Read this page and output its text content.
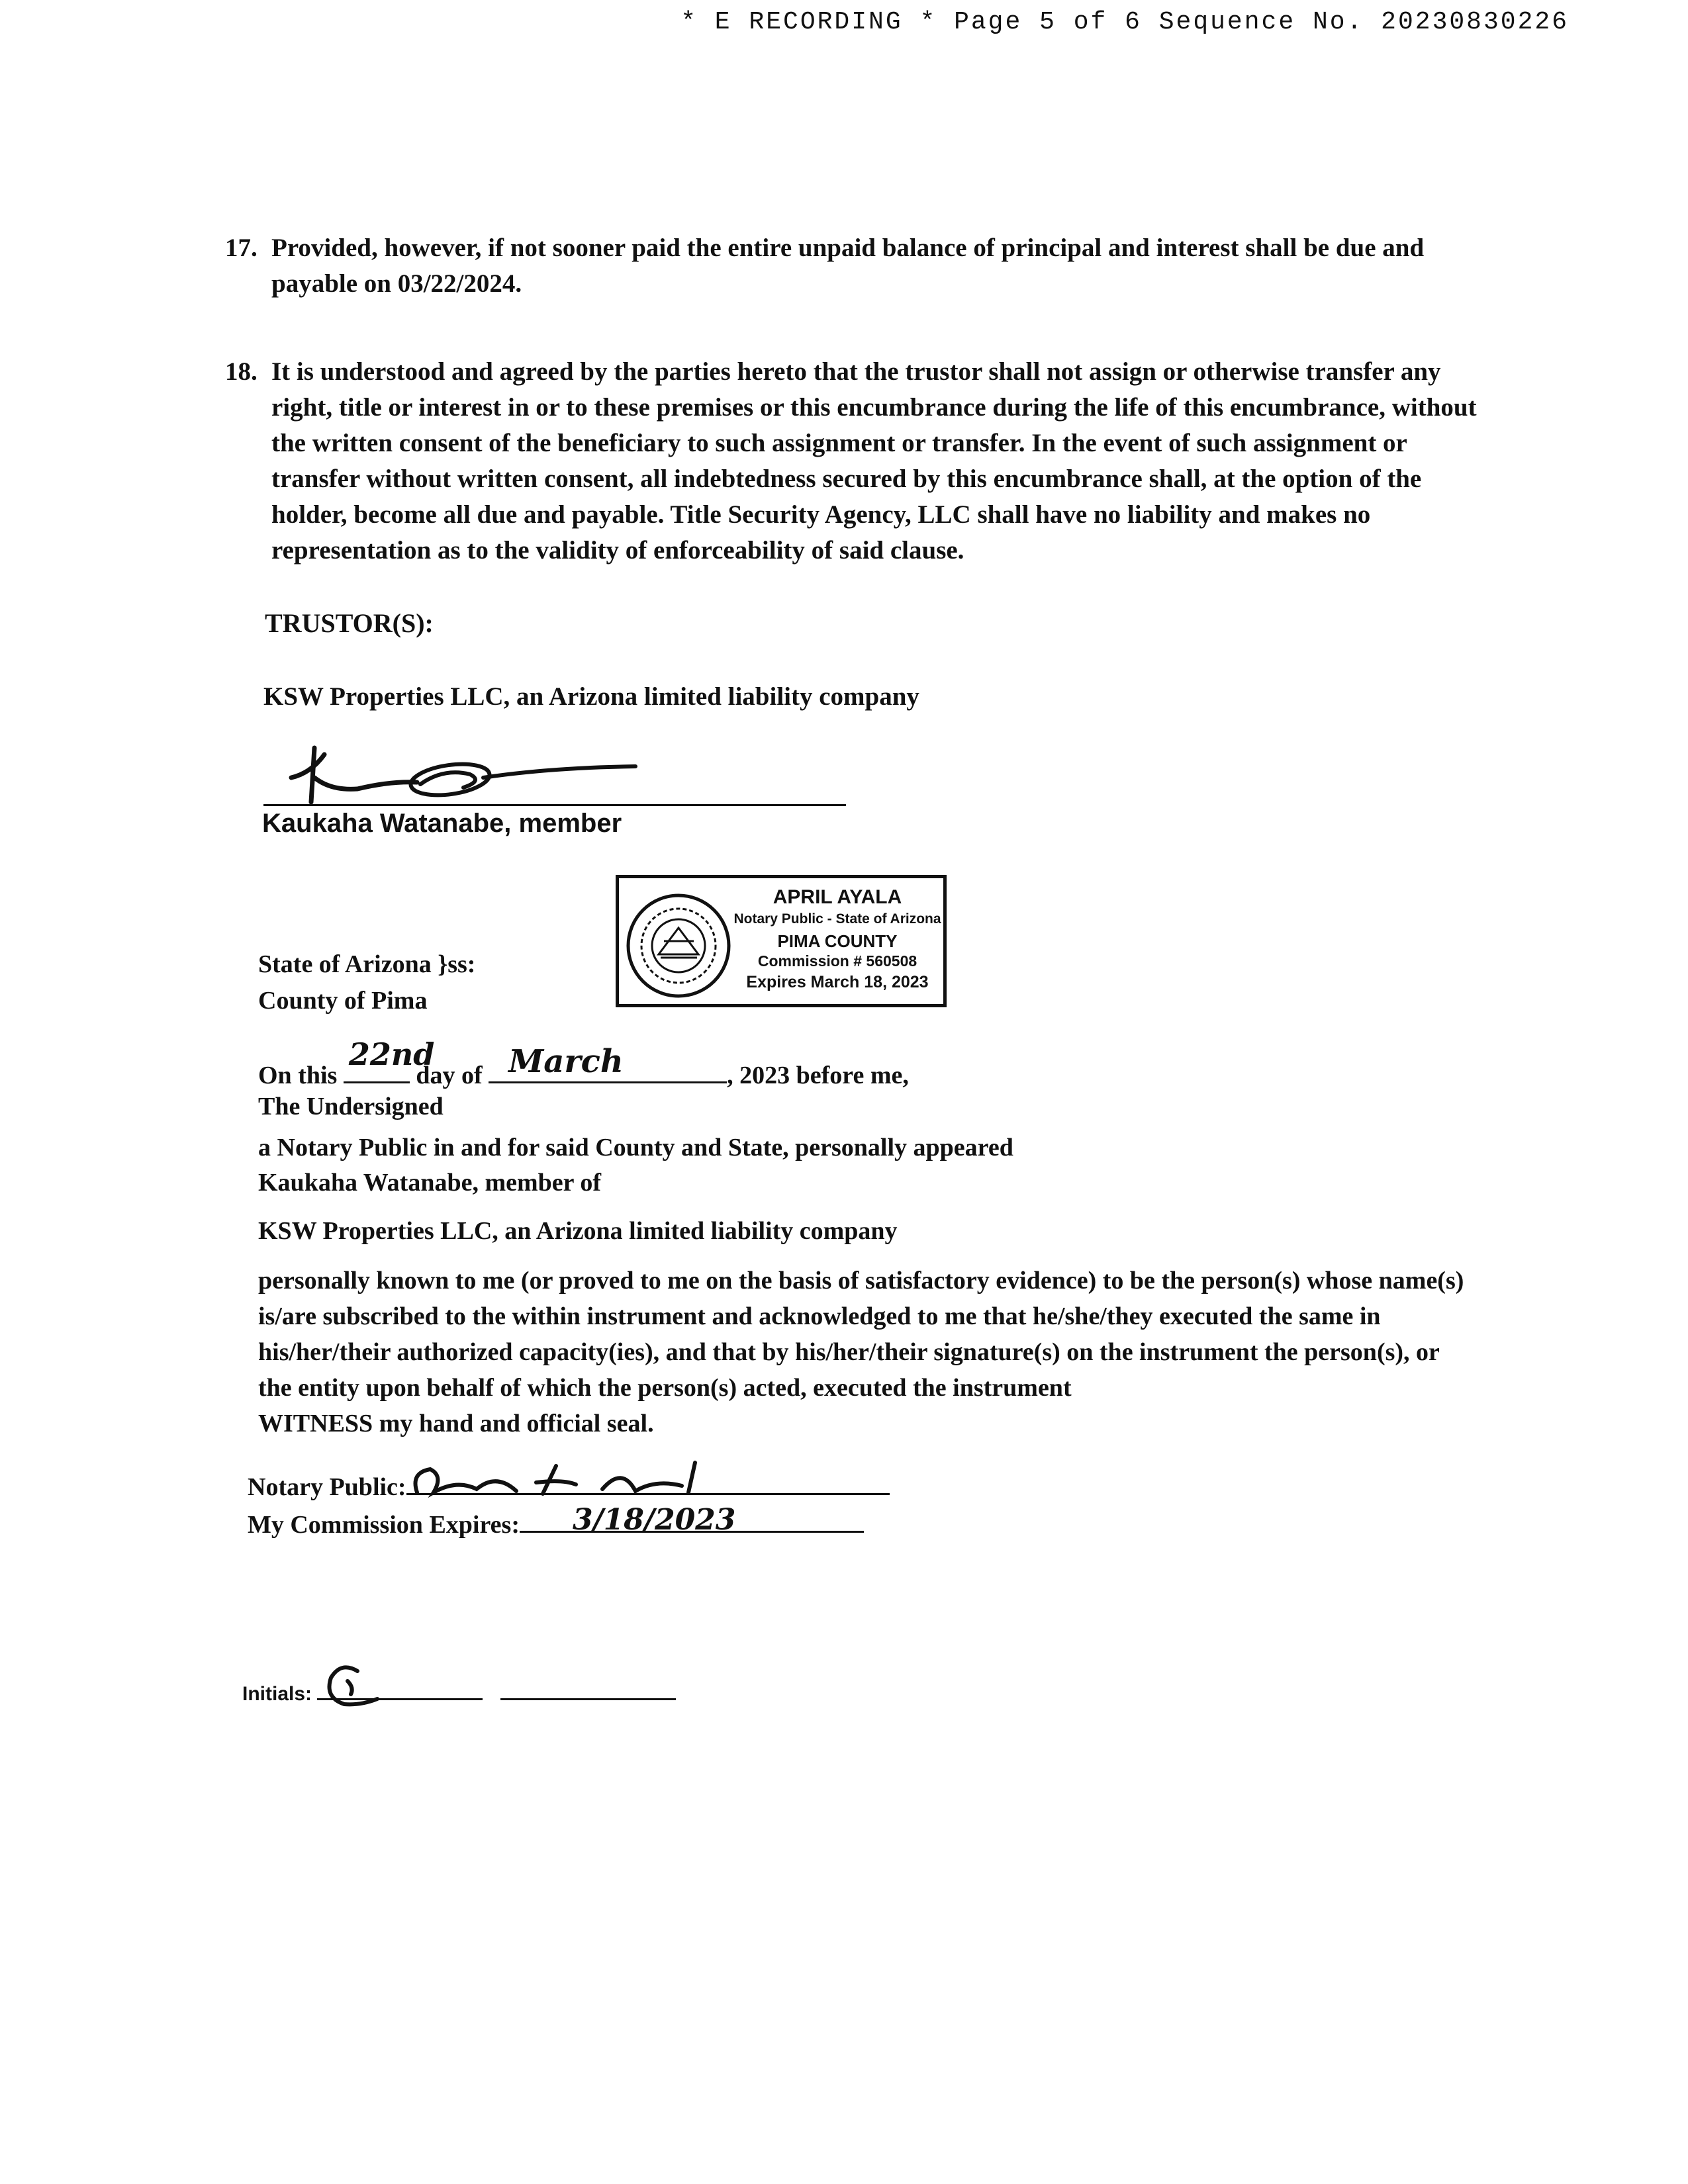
* E RECORDING * Page 5 of 6 Sequence No. 20230830226
17. Provided, however, if not sooner paid the entire unpaid balance of principal and interest shall be due and payable on 03/22/2024.
18. It is understood and agreed by the parties hereto that the trustor shall not assign or otherwise transfer any right, title or interest in or to these premises or this encumbrance during the life of this encumbrance, without the written consent of the beneficiary to such assignment or transfer. In the event of such assignment or transfer without written consent, all indebtedness secured by this encumbrance shall, at the option of the holder, become all due and payable. Title Security Agency, LLC shall have no liability and makes no representation as to the validity of enforceability of said clause.
TRUSTOR(S):
KSW Properties LLC, an Arizona limited liability company
Kaukaha Watanabe, member
APRIL AYALA
Notary Public - State of Arizona
PIMA COUNTY
Commission # 560508
Expires March 18, 2023
State of Arizona }ss:
County of Pima
On this
22nd
day of March	, 2023 before me,
The Undersigned
a Notary Public in and for said County and State, personally appeared
Kaukaha Watanabe, member of
KSW Properties LLC, an Arizona limited liability company
personally known to me (or proved to me on the basis of satisfactory evidence) to be the person(s) whose name(s) is/are subscribed to the within instrument and acknowledged to me that he/she/they executed the same in his/her/their authorized capacity(ies), and that by his/her/their signature(s) on the instrument the person(s), or the entity upon behalf of which the person(s) acted, executed the instrument
WITNESS my hand and official seal.
Notary Public:
My Commission Expires: 3/18/2023
Initials:
